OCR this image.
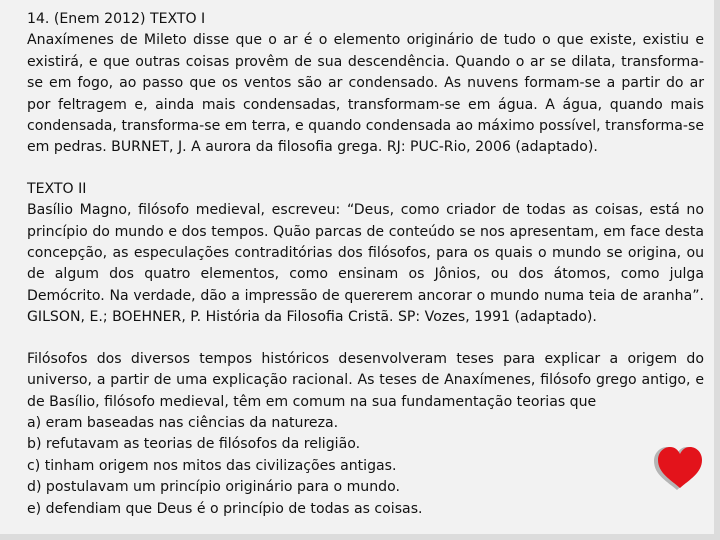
14. (Enem 2012) TEXTO I

Anaxímenes de Mileto disse que o ar é o elemento originário de tudo o que existe, existiu e existirá, e que outras coisas provêm de sua descendência. Quando o ar se dilata, transforma-se em fogo, ao passo que os ventos são ar condensado. As nuvens formam-se a partir do ar por feltragem e, ainda mais condensadas, transformam-se em água. A água, quando mais condensada, transforma-se em terra, e quando condensada ao máximo possível, transforma-se em pedras. BURNET, J. A aurora da filosofia grega. RJ: PUC-Rio, 2006 (adaptado).

TEXTO II

Basílio Magno, filósofo medieval, escreveu: “Deus, como criador de todas as coisas, está no princípio do mundo e dos tempos. Quão parcas de conteúdo se nos apresentam, em face desta concepção, as especulações contraditórias dos filósofos, para os quais o mundo se origina, ou de algum dos quatro elementos, como ensinam os Jônios, ou dos átomos, como julga Demócrito. Na verdade, dão a impressão de quererem ancorar o mundo numa teia de aranha”. GILSON, E.; BOEHNER, P. História da Filosofia Cristã. SP: Vozes, 1991 (adaptado).

Filósofos dos diversos tempos históricos desenvolveram teses para explicar a origem do universo, a partir de uma explicação racional. As teses de Anaxímenes, filósofo grego antigo, e de Basílio, filósofo medieval, têm em comum na sua fundamentação teorias que

a) eram baseadas nas ciências da natureza.

b) refutavam as teorias de filósofos da religião.

c) tinham origem nos mitos das civilizações antigas.

d) postulavam um princípio originário para o mundo.

e) defendiam que Deus é o princípio de todas as coisas.
